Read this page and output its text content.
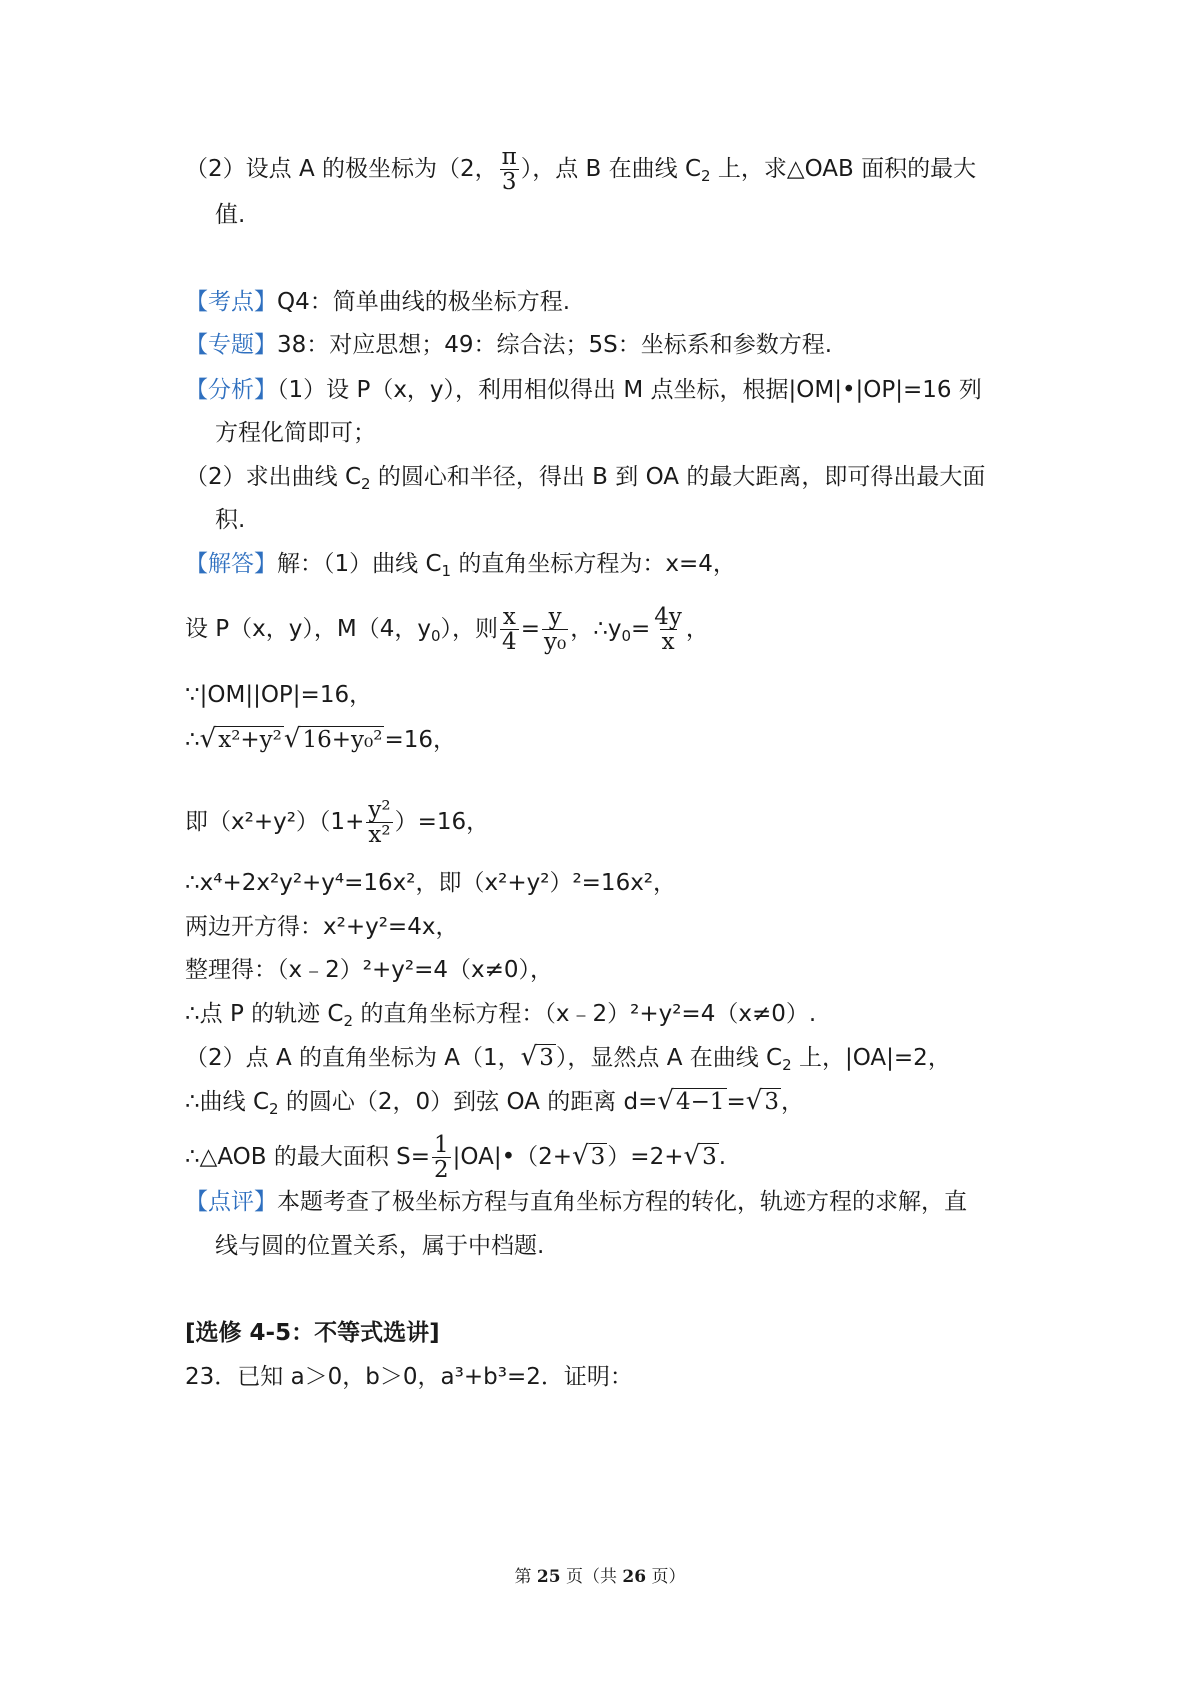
（2）设点 A 的极坐标为（2， $\frac{\pi}{3}$ ），点 B 在曲线 $C_2$ 上，求△OAB 面积的最大
值.
【考点】Q4：简单曲线的极坐标方程.
【专题】38：对应思想；49：综合法；5S：坐标系和参数方程.
【分析】（1）设 P（x，y），利用相似得出 M 点坐标，根据|OM|•|OP|=16 列
方程化简即可；
（2）求出曲线 $C_2$ 的圆心和半径，得出 B 到 OA 的最大距离，即可得出最大面
积.
【解答】解：（1）曲线 $C_1$ 的直角坐标方程为：x=4，
设 P（x，y），M（4，$y_0$），则 $\frac{x}{4} = \frac{y}{\text{y₀}}$ ，$\therefore y_0= \frac{4y}{x}$ ，
∵|OM||OP|=16，
∴√x²+y²√16+y₀²=16，
即$(x^2+y^2)(1+ \frac{\text{y²}}{\text{x²}} )=16$，
∴x⁴+2x²y²+y⁴=16x²，即（x²+y²）²=16x²，
两边开方得：x²+y²=4x，
整理得：（x﹣2）²+y²=4（x≠0），
∴点 P 的轨迹 $C_2$ 的直角坐标方程：（x﹣2）²+y²=4（x≠0）.
（2）点 A 的直角坐标为 A（1，√3），显然点 A 在曲线 $C_2$ 上，|OA|=2，
∴曲线 $C_2$ 的圆心（2，0）到弦 OA 的距离 d=√4−1=√3，
∴△AOB 的最大面积 $S= \frac{1}{2}$ |OA|•（2+√3）=2+√3.
【点评】本题考查了极坐标方程与直角坐标方程的转化，轨迹方程的求解，直
线与圆的位置关系，属于中档题.
[选修 4-5：不等式选讲]
23．已知 a＞0，b＞0，a³+b³=2．证明：
第 25 页（共 26 页）
